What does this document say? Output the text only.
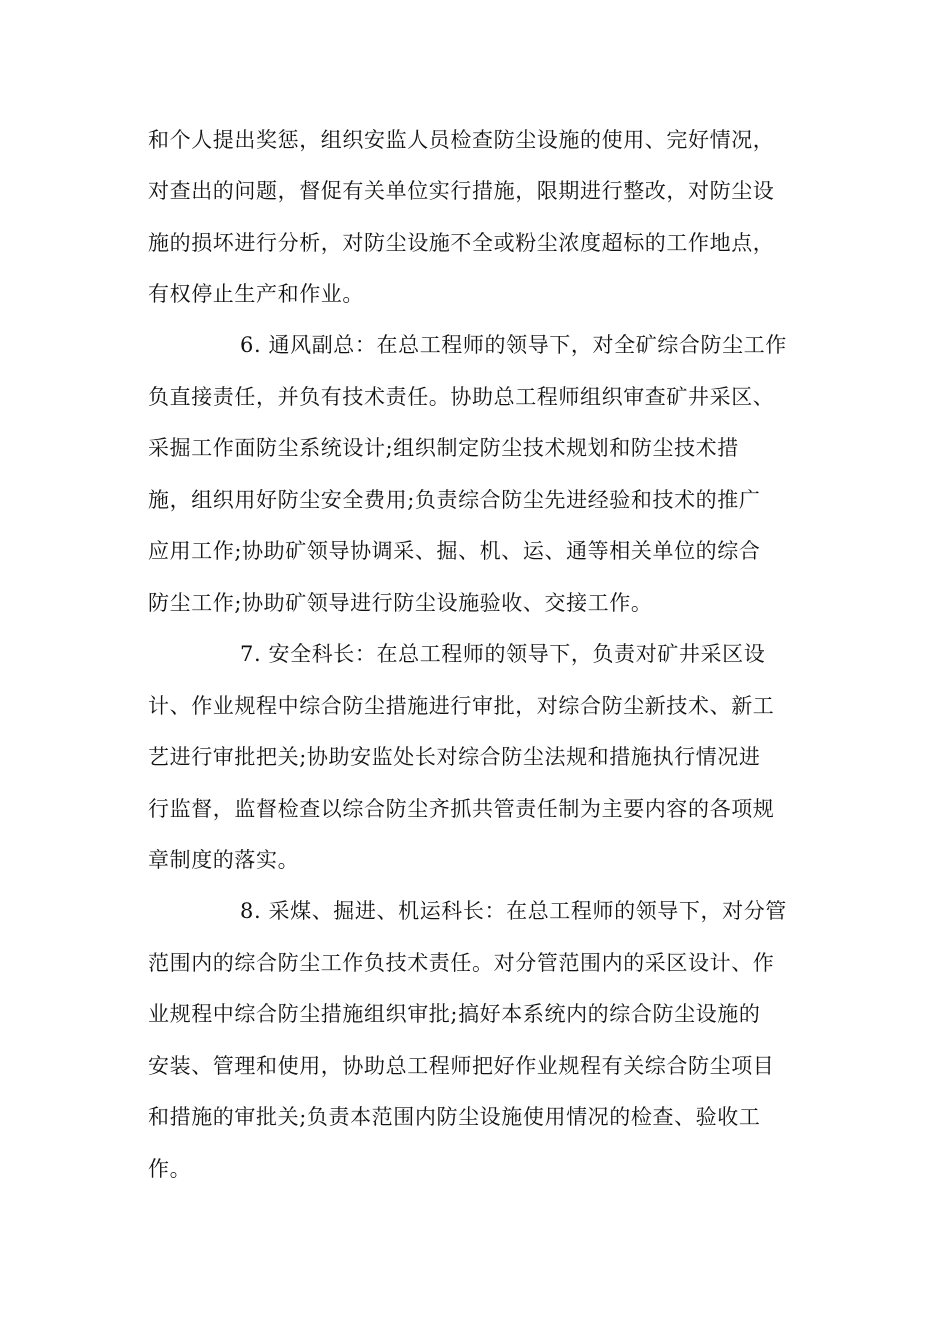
和个人提出奖惩，组织安监人员检查防尘设施的使用、完好情况，
对查出的问题，督促有关单位实行措施，限期进行整改，对防尘设
施的损坏进行分析，对防尘设施不全或粉尘浓度超标的工作地点，
有权停止生产和作业。
6. 通风副总：在总工程师的领导下，对全矿综合防尘工作
负直接责任，并负有技术责任。协助总工程师组织审查矿井采区、
采掘工作面防尘系统设计;组织制定防尘技术规划和防尘技术措
施，组织用好防尘安全费用;负责综合防尘先进经验和技术的推广
应用工作;协助矿领导协调采、掘、机、运、通等相关单位的综合
防尘工作;协助矿领导进行防尘设施验收、交接工作。
7. 安全科长：在总工程师的领导下，负责对矿井采区设
计、作业规程中综合防尘措施进行审批，对综合防尘新技术、新工
艺进行审批把关;协助安监处长对综合防尘法规和措施执行情况进
行监督，监督检查以综合防尘齐抓共管责任制为主要内容的各项规
章制度的落实。
8. 采煤、掘进、机运科长：在总工程师的领导下，对分管
范围内的综合防尘工作负技术责任。对分管范围内的采区设计、作
业规程中综合防尘措施组织审批;搞好本系统内的综合防尘设施的
安装、管理和使用，协助总工程师把好作业规程有关综合防尘项目
和措施的审批关;负责本范围内防尘设施使用情况的检查、验收工
作。
